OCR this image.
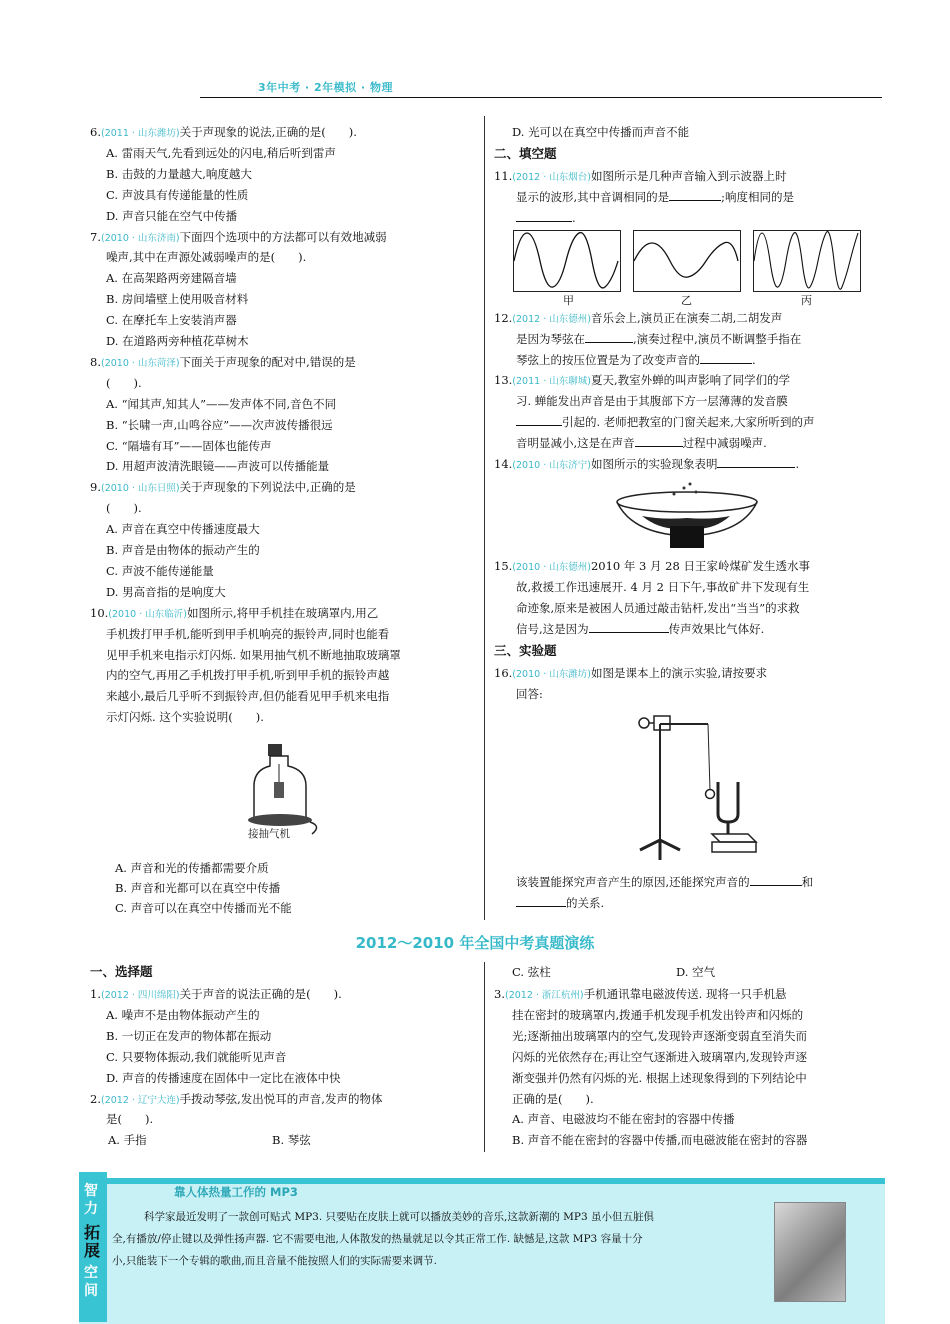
3年中考 · 2年模拟 · 物理
6.(2011 · 山东潍坊)关于声现象的说法,正确的是(　　).
A. 雷雨天气,先看到远处的闪电,稍后听到雷声
B. 击鼓的力量越大,响度越大
C. 声波具有传递能量的性质
D. 声音只能在空气中传播
7.(2010 · 山东济南)下面四个选项中的方法都可以有效地减弱
噪声,其中在声源处减弱噪声的是(　　).
A. 在高架路两旁建隔音墙
B. 房间墙壁上使用吸音材料
C. 在摩托车上安装消声器
D. 在道路两旁种植花草树木
8.(2010 · 山东菏泽)下面关于声现象的配对中,错误的是
(　　).
A. “闻其声,知其人”——发声体不同,音色不同
B. “长啸一声,山鸣谷应”——次声波传播很远
C. “隔墙有耳”——固体也能传声
D. 用超声波清洗眼镜——声波可以传播能量
9.(2010 · 山东日照)关于声现象的下列说法中,正确的是
(　　).
A. 声音在真空中传播速度最大
B. 声音是由物体的振动产生的
C. 声波不能传递能量
D. 男高音指的是响度大
10.(2010 · 山东临沂)如图所示,将甲手机挂在玻璃罩内,用乙
手机拨打甲手机,能听到甲手机响亮的振铃声,同时也能看
见甲手机来电指示灯闪烁. 如果用抽气机不断地抽取玻璃罩
内的空气,再用乙手机拨打甲手机,听到甲手机的振铃声越
来越小,最后几乎听不到振铃声,但仍能看见甲手机来电指
示灯闪烁. 这个实验说明(　　).
接抽气机
A. 声音和光的传播都需要介质
B. 声音和光都可以在真空中传播
C. 声音可以在真空中传播而光不能
D. 光可以在真空中传播而声音不能
二、填空题
11.(2012 · 山东烟台)如图所示是几种声音输入到示波器上时
显示的波形,其中音调相同的是	;响度相同的是
.
甲	乙	丙
12.(2012 · 山东德州)音乐会上,演员正在演奏二胡,二胡发声
是因为琴弦在	,演奏过程中,演员不断调整手指在
琴弦上的按压位置是为了改变声音的	.
13.(2011 · 山东聊城)夏天,教室外蝉的叫声影响了同学们的学
习. 蝉能发出声音是由于其腹部下方一层薄薄的发音膜
引起的. 老师把教室的门窗关起来,大家所听到的声
音明显减小,这是在声音	过程中减弱噪声.
14.(2010 · 山东济宁)如图所示的实验现象表明	.
15.(2010 · 山东德州)2010 年 3 月 28 日王家岭煤矿发生透水事
故,救援工作迅速展开. 4 月 2 日下午,事故矿井下发现有生
命迹象,原来是被困人员通过敲击钻杆,发出“当当”的求救
信号,这是因为	传声效果比气体好.
三、实验题
16.(2010 · 山东潍坊)如图是课本上的演示实验,请按要求
回答:
该装置能探究声音产生的原因,还能探究声音的	和
的关系.
2012～2010 年全国中考真题演练
一、选择题
1.(2012 · 四川绵阳)关于声音的说法正确的是(　　).
A. 噪声不是由物体振动产生的
B. 一切正在发声的物体都在振动
C. 只要物体振动,我们就能听见声音
D. 声音的传播速度在固体中一定比在液体中快
2.(2012 · 辽宁大连)手拨动琴弦,发出悦耳的声音,发声的物体
是(　　).
A. 手指	B. 琴弦
C. 弦柱	D. 空气
3.(2012 · 浙江杭州)手机通讯靠电磁波传送. 现将一只手机悬
挂在密封的玻璃罩内,拨通手机发现手机发出铃声和闪烁的
光;逐渐抽出玻璃罩内的空气,发现铃声逐渐变弱直至消失而
闪烁的光依然存在;再让空气逐渐进入玻璃罩内,发现铃声逐
渐变强并仍然有闪烁的光. 根据上述现象得到的下列结论中
正确的是(　　).
A. 声音、电磁波均不能在密封的容器中传播
B. 声音不能在密封的容器中传播,而电磁波能在密封的容器
智
力
拓
展
空
间
靠人体热量工作的 MP3
科学家最近发明了一款创可贴式 MP3. 只要贴在皮肤上就可以播放美妙的音乐,这款新潮的 MP3 虽小但五脏俱
全,有播放/停止键以及弹性扬声器. 它不需要电池,人体散发的热量就足以令其正常工作. 缺憾是,这款 MP3 容量十分
小,只能装下一个专辑的歌曲,而且音量不能按照人们的实际需要来调节.
